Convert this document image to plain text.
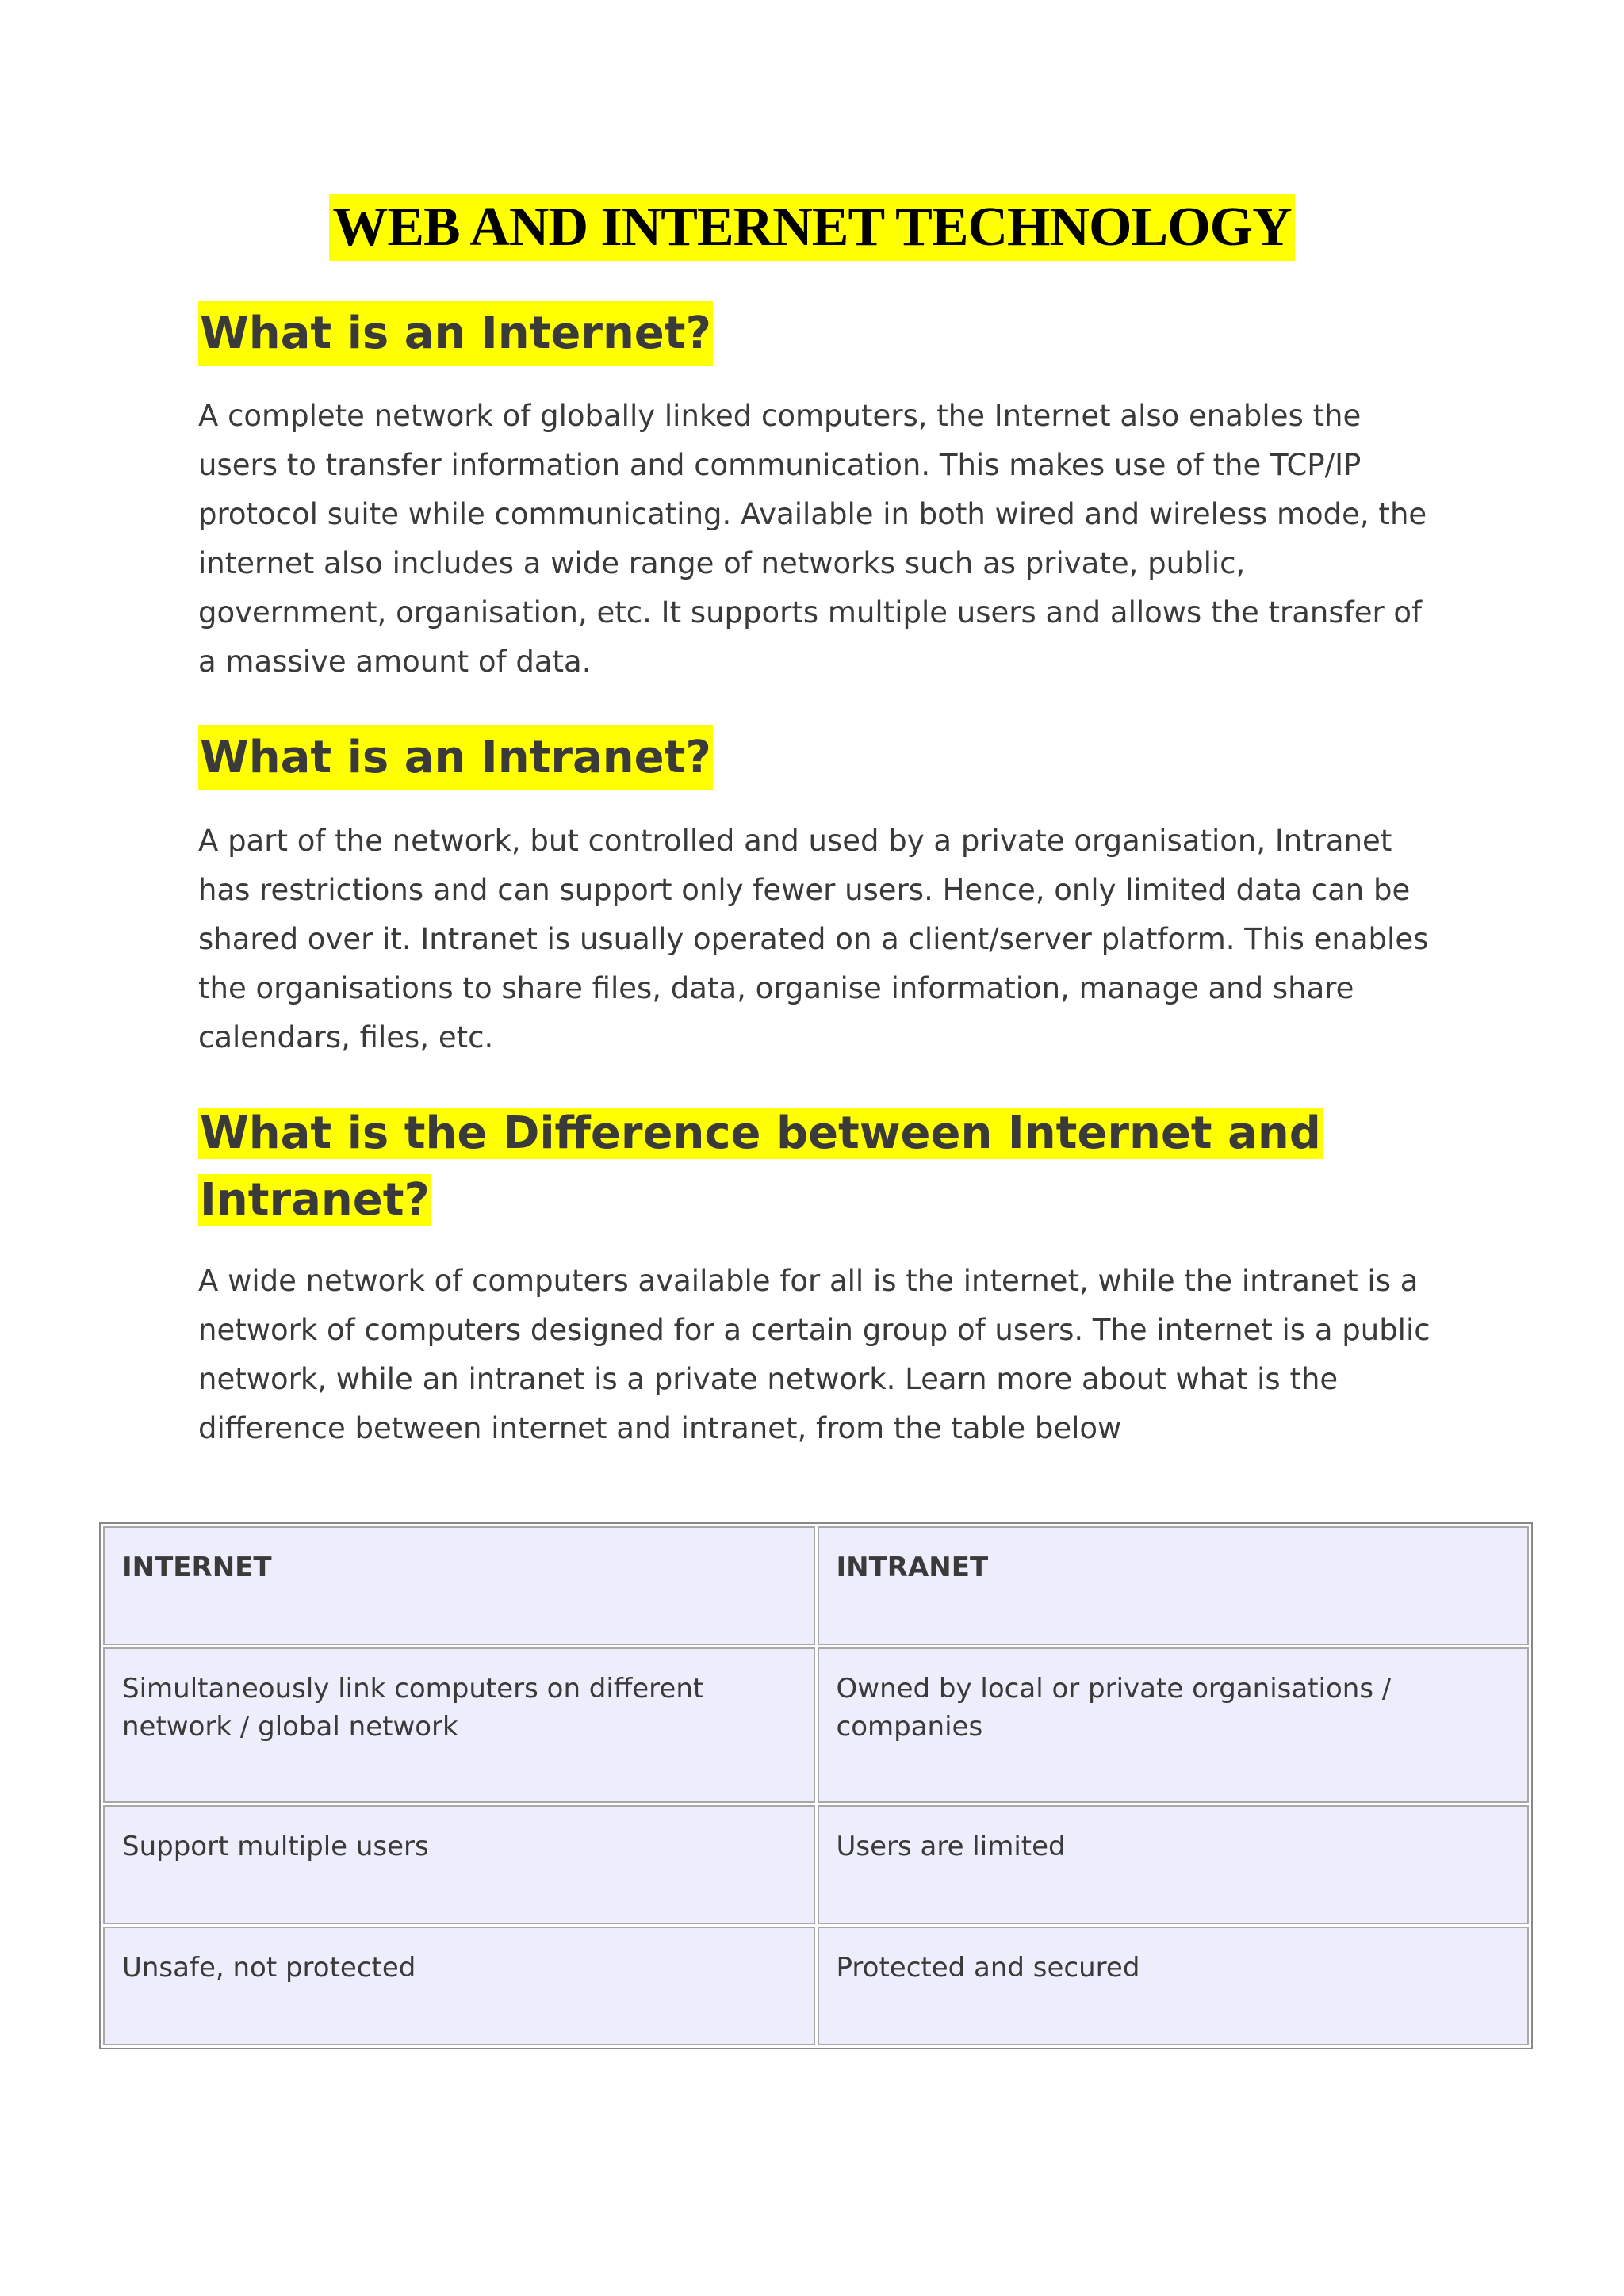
WEB AND INTERNET TECHNOLOGY
What is an Internet?

A complete network of globally linked computers, the Internet also enables the users to transfer information and communication. This makes use of the TCP/IP protocol suite while communicating. Available in both wired and wireless mode, the internet also includes a wide range of networks such as private, public, government, organisation, etc. It supports multiple users and allows the transfer of a massive amount of data.

What is an Intranet?

A part of the network, but controlled and used by a private organisation, Intranet has restrictions and can support only fewer users. Hence, only limited data can be shared over it. Intranet is usually operated on a client/server platform. This enables the organisations to share files, data, organise information, manage and share calendars, files, etc.

What is the Difference between Internet and
Intranet?

A wide network of computers available for all is the internet, while the intranet is a network of computers designed for a certain group of users. The internet is a public network, while an intranet is a private network. Learn more about what is the difference between internet and intranet, from the table below

INTERNET	INTRANET
Simultaneously link computers on different network / global network	Owned by local or private organisations / companies
Support multiple users	Users are limited
Unsafe, not protected	Protected and secured
